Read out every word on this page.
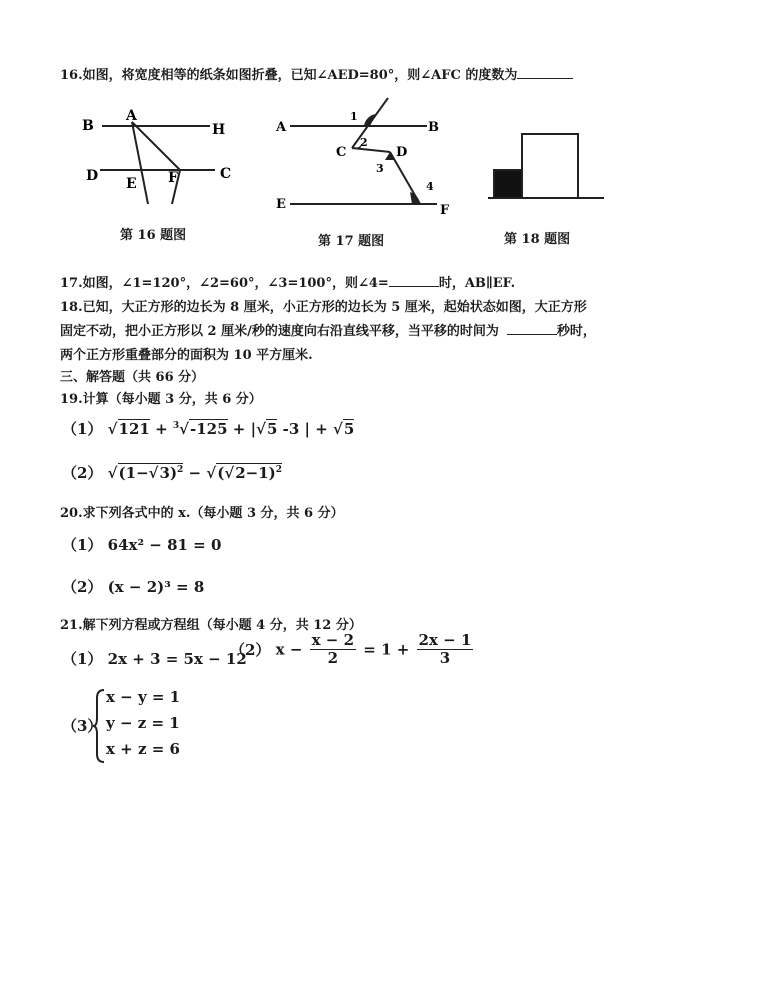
16.如图，将宽度相等的纸条如图折叠，已知∠AED=80°，则∠AFC 的度数为
B
A
H
D E F	C
第 16 题图
A	B
1
C
2
D
3
4
E	F
第 17 题图	第 18 题图
17.如图，∠1=120°，∠2=60°，∠3=100°，则∠4=	时，AB∥EF.
18.已知，大正方形的边长为 8 厘米，小正方形的边长为 5 厘米，起始状态如图，大正方形
固定不动，把小正方形以 2 厘米/秒的速度向右沿直线平移，当平移的时间为	秒时，
两个正方形重叠部分的面积为 10 平方厘米.
三、解答题（共 66 分）
19.计算（每小题 3 分，共 6 分）
（1） √121 + $^3$√-125 + |√5 -3 | + √5
（2） $√(1-√3)^2 - √(√2-1)^2$
20.求下列各式中的 x.（每小题 3 分，共 6 分）
（1） 64x² − 81 = 0
（2） (x − 2)³ = 8
21.解下列方程或方程组（每小题 4 分，共 12 分）
（1） 2x + 3 = 5x − 12
（2） $x - \frac{x - 2}{2} = 1 + \frac{2x - 1}{3}$
（3）
x − y = 1
y − z = 1
x + z = 6
